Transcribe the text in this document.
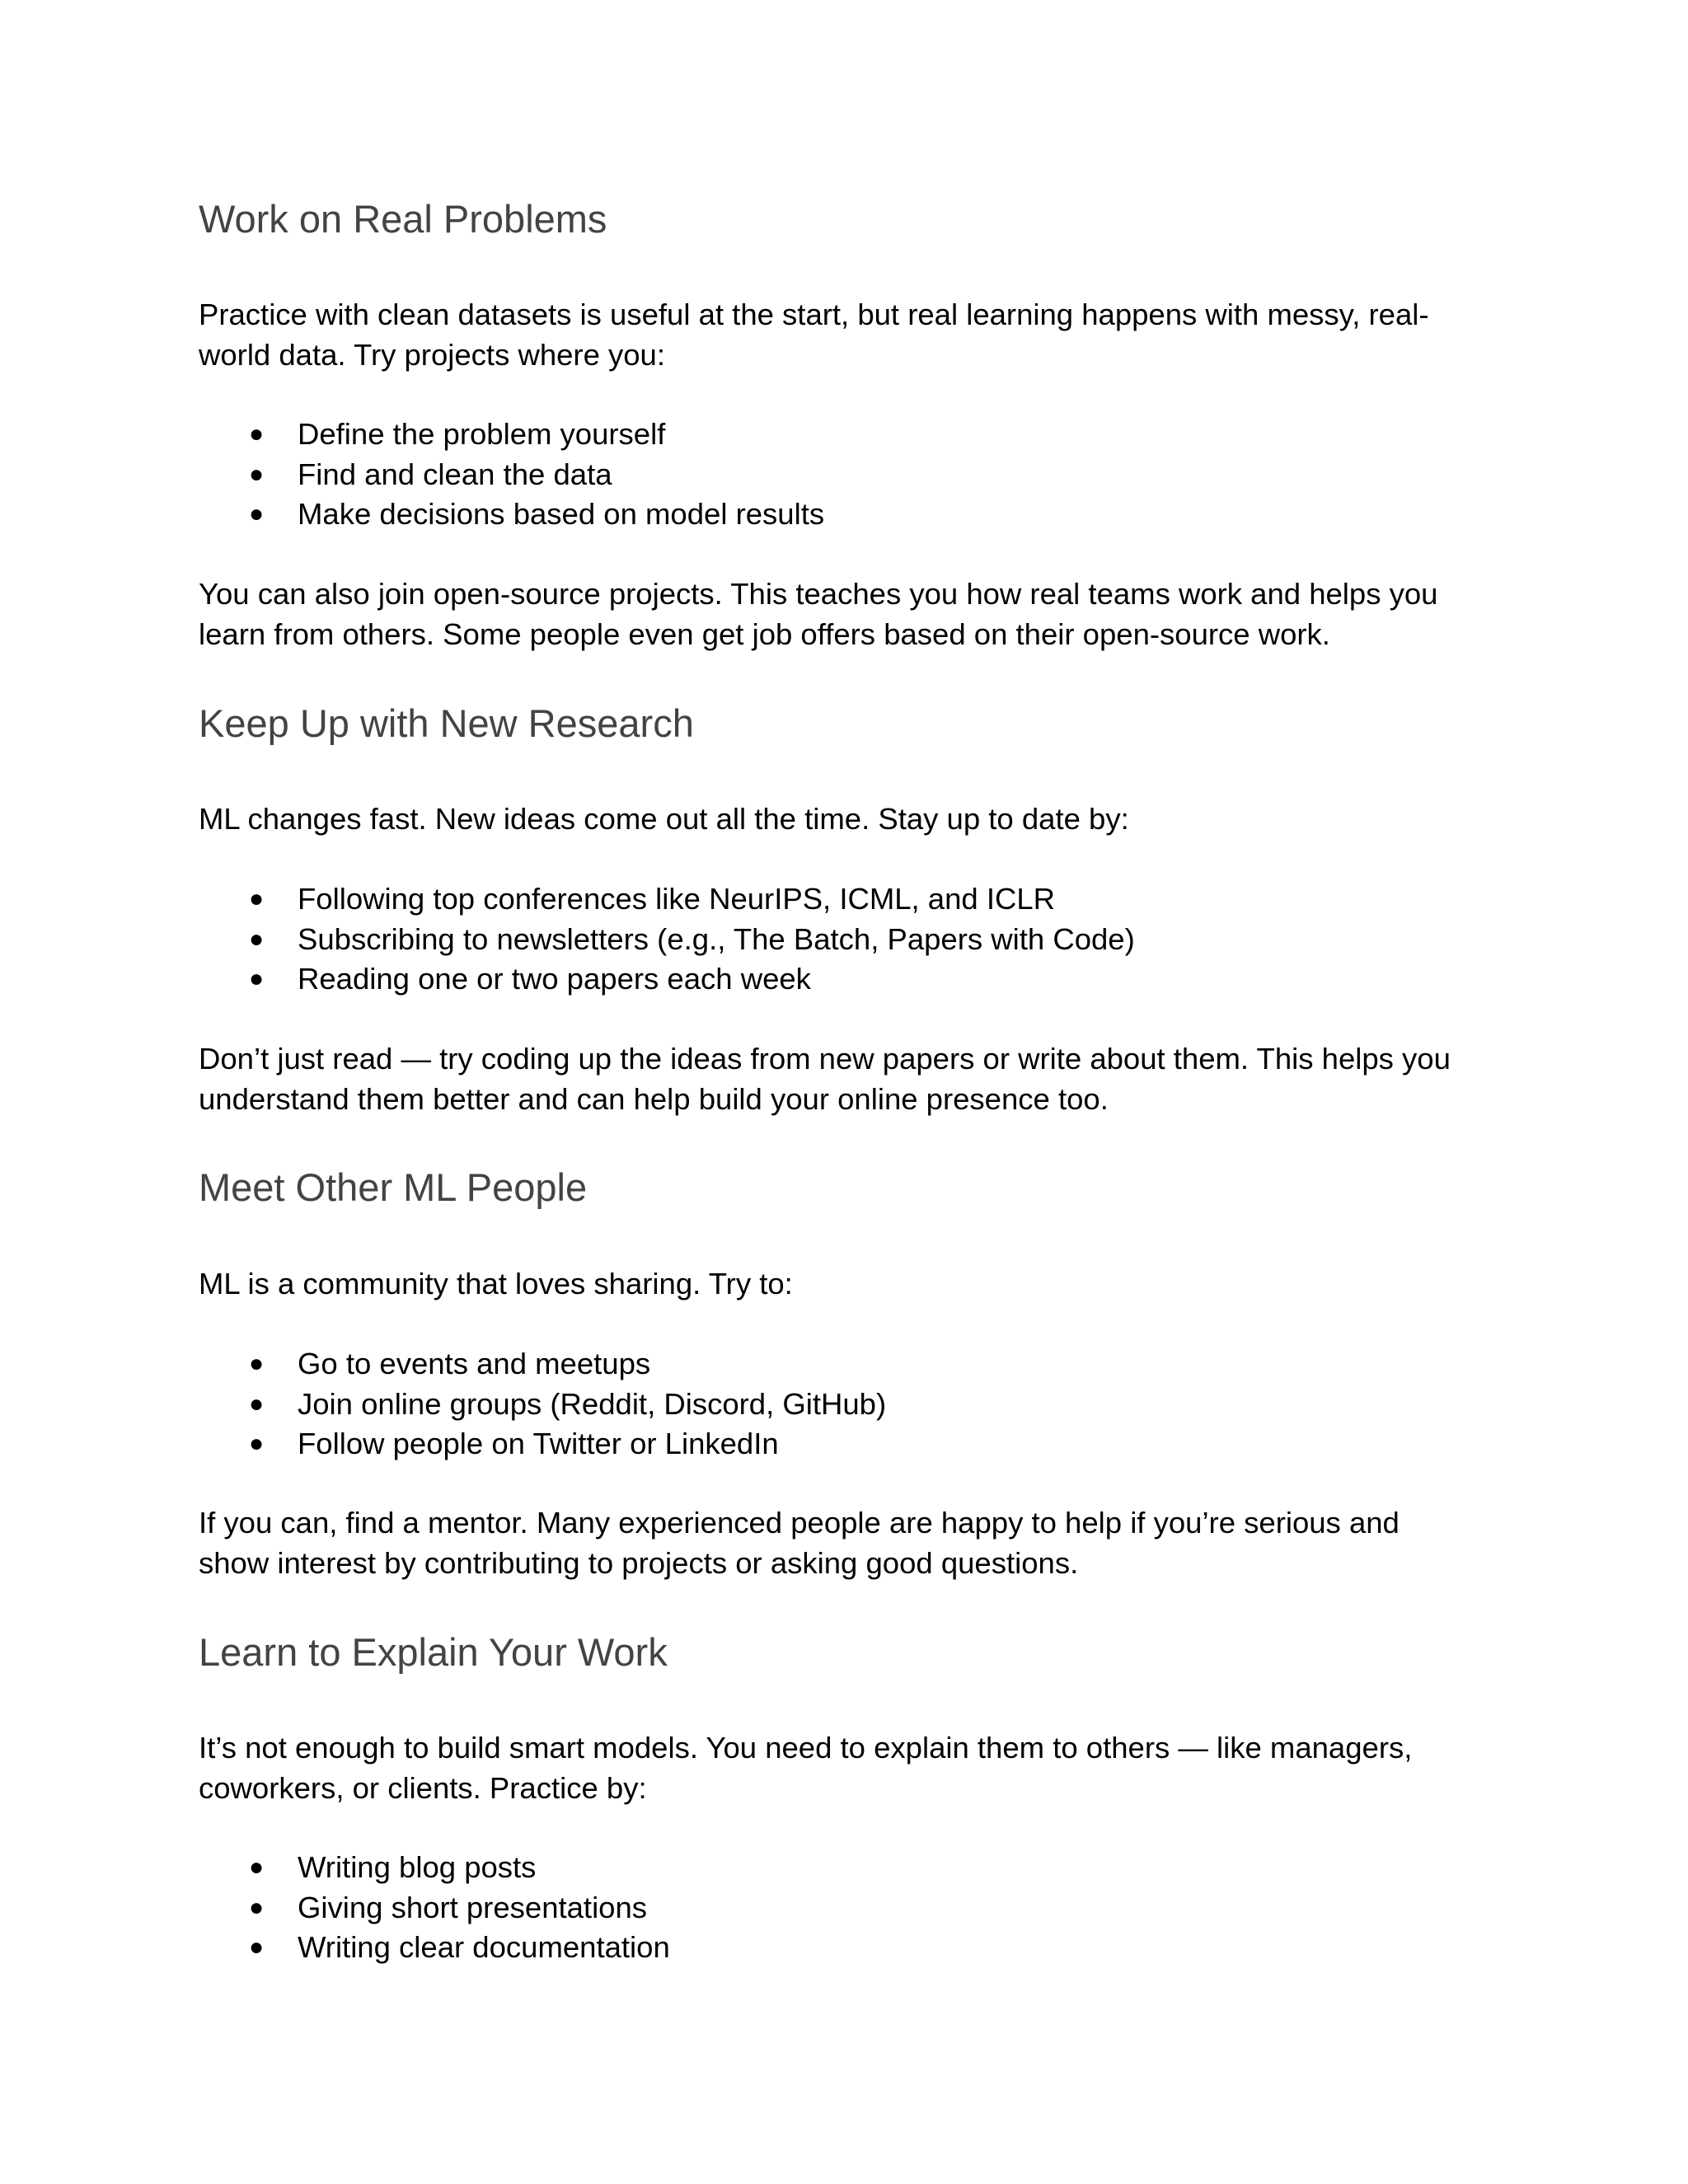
Work on Real Problems

Practice with clean datasets is useful at the start, but real learning happens with messy, real-
world data. Try projects where you:

● Define the problem yourself
● Find and clean the data
● Make decisions based on model results

You can also join open-source projects. This teaches you how real teams work and helps you
learn from others. Some people even get job offers based on their open-source work.

Keep Up with New Research

ML changes fast. New ideas come out all the time. Stay up to date by:

● Following top conferences like NeurIPS, ICML, and ICLR
● Subscribing to newsletters (e.g., The Batch, Papers with Code)
● Reading one or two papers each week

Don’t just read — try coding up the ideas from new papers or write about them. This helps you
understand them better and can help build your online presence too.

Meet Other ML People

ML is a community that loves sharing. Try to:

● Go to events and meetups
● Join online groups (Reddit, Discord, GitHub)
● Follow people on Twitter or LinkedIn

If you can, find a mentor. Many experienced people are happy to help if you’re serious and
show interest by contributing to projects or asking good questions.

Learn to Explain Your Work

It’s not enough to build smart models. You need to explain them to others — like managers,
coworkers, or clients. Practice by:

● Writing blog posts
● Giving short presentations
● Writing clear documentation
